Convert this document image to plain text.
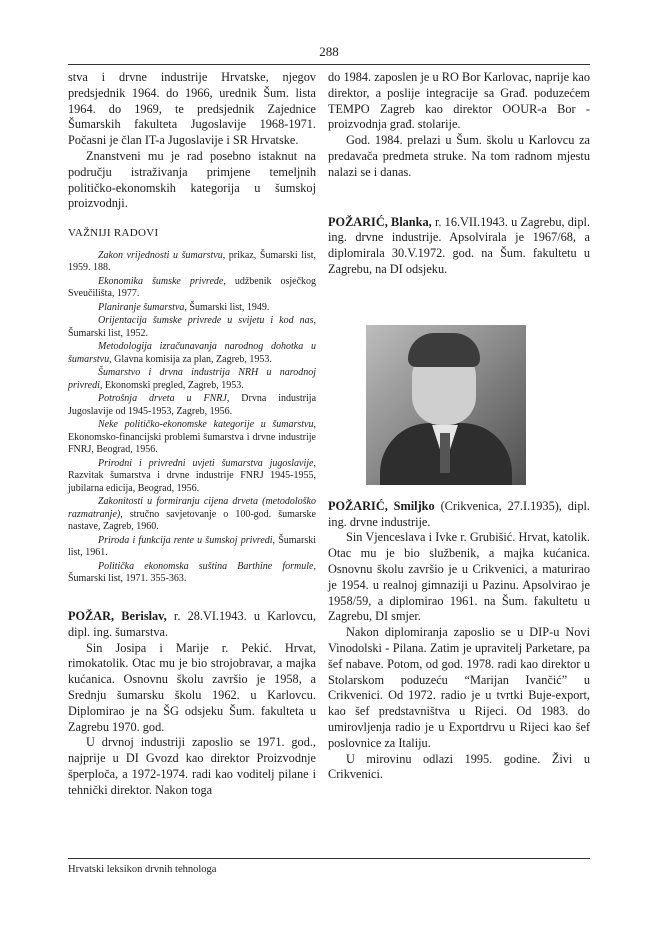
288

stva i drvne industrije Hrvatske, njegov predsjednik 1964. do 1966, urednik Šum. lista 1964. do 1969, te predsjednik Zajednice Šumarskih fakulteta Jugoslavije 1968-1971. Počasni je član IT-a Jugoslavije i SR Hrvatske.

Znanstveni mu je rad posebno istaknut na području istraživanja primjene temeljnih političko-ekonomskih kategorija u šumskoj proizvodnji.

VAŽNIJI RADOVI

Zakon vrijednosti u šumarstvu, prikaz, Šumarski list, 1959. 188.

Ekonomika šumske privrede, udžbenik osječkog Sveučilišta, 1977.

Planiranje šumarstva, Šumarski list, 1949.

Orijentacija šumske privrede u svijetu i kod nas, Šumarski list, 1952.

Metodologija izračunavanja narodnog dohotka u šumarstvu, Glavna komisija za plan, Zagreb, 1953.

Šumarstvo i drvna industrija NRH u narodnoj privredi, Ekonomski pregled, Zagreb, 1953.

Potrošnja drveta u FNRJ, Drvna industrija Jugoslavije od 1945-1953, Zagreb, 1956.

Neke političko-ekonomske kategorije u šumarstvu, Ekonomsko-financijski problemi šumarstva i drvne industrije FNRJ, Beograd, 1956.

Prirodni i privredni uvjeti šumarstva jugoslavije, Razvitak šumarstva i drvne industrije FNRJ 1945-1955, jubilarna edicija, Beograd, 1956.

Zakonitosti u formiranju cijena drveta (metodološko razmatranje), stručno savjetovanje o 100-god. šumarske nastave, Zagreb, 1960.

Priroda i funkcija rente u šumskoj privredi, Šumarski list, 1961.

Politička ekonomska suština Barthine formule, Šumarski list, 1971. 355-363.

POŽAR, Berislav, r. 28.VI.1943. u Karlovcu, dipl. ing. šumarstva.

Sin Josipa i Marije r. Pekić. Hrvat, rimokatolik. Otac mu je bio strojobravar, a majka kućanica. Osnovnu školu završio je 1958, a Srednju šumarsku školu 1962. u Karlovcu. Diplomirao je na ŠG odsjeku Šum. fakulteta u Zagrebu 1970. god.

U drvnoj industriji zaposlio se 1971. god., najprije u DI Gvozd kao direktor Proizvodnje šperploča, a 1972-1974. radi kao voditelj pilane i tehnički direktor. Nakon toga

do 1984. zaposlen je u RO Bor Karlovac, naprije kao direktor, a poslije integracije sa Građ. poduzećem TEMPO Zagreb kao direktor OOUR-a Bor - proizvodnja građ. stolarije.

God. 1984. prelazi u Šum. školu u Karlovcu za predavača predmeta struke. Na tom radnom mjestu nalazi se i danas.

POŽARIĆ, Blanka, r. 16.VII.1943. u Zagrebu, dipl. ing. drvne industrije. Apsolvirala je 1967/68, a diplomirala 30.V.1972. god. na Šum. fakultetu u Zagrebu, na DI odsjeku.

POŽARIĆ, Smiljko (Crikvenica, 27.I.1935), dipl. ing. drvne industrije.

Sin Vjenceslava i Ivke r. Grubišić. Hrvat, katolik. Otac mu je bio službenik, a majka kućanica. Osnovnu školu završio je u Crikvenici, a maturirao je 1954. u realnoj gimnaziji u Pazinu. Apsolvirao je 1958/59, a diplomirao 1961. na Šum. fakultetu u Zagrebu, DI smjer.

Nakon diplomiranja zaposlio se u DIP-u Novi Vinodolski - Pilana. Zatim je upravitelj Parketare, pa šef nabave. Potom, od god. 1978. radi kao direktor u Stolarskom poduzeću “Marijan Ivančić” u Crikvenici. Od 1972. radio je u tvrtki Buje-export, kao šef predstavništva u Rijeci. Od 1983. do umirovljenja radio je u Exportdrvu u Rijeci kao šef poslovnice za Italiju.

U mirovinu odlazi 1995. godine. Živi u Crikvenici.

Hrvatski leksikon drvnih tehnologa
